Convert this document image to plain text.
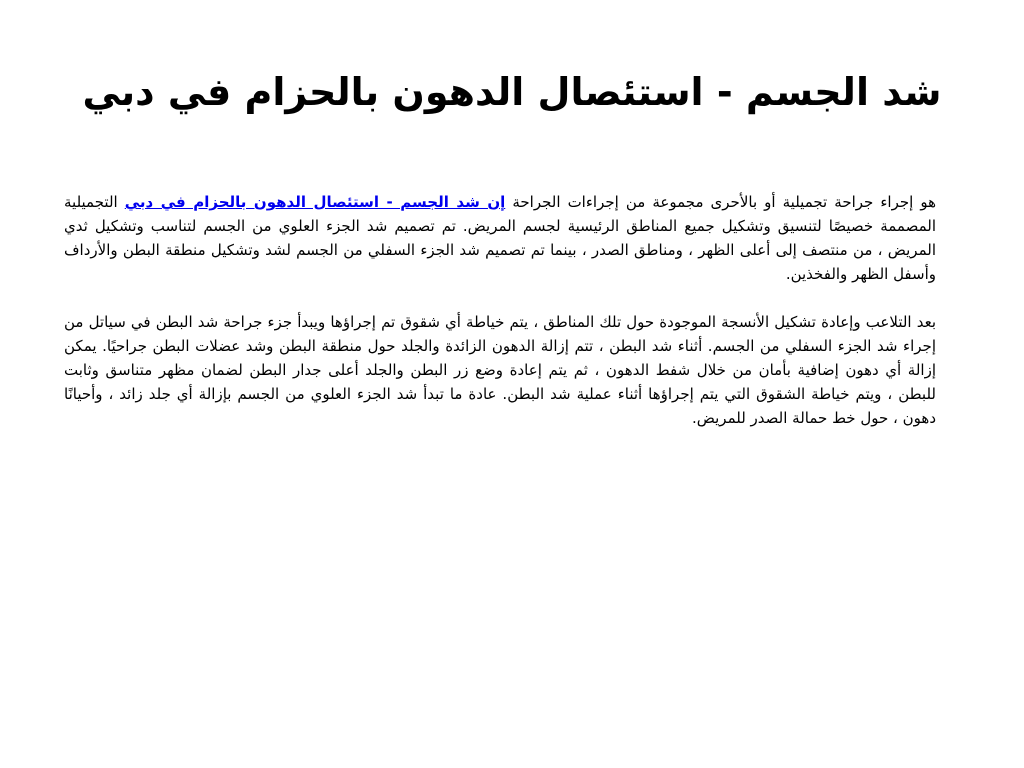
شد الجسم - استئصال الدهون بالحزام في دبي

هو إجراء جراحة تجميلية أو بالأحرى مجموعة من إجراءات الجراحة إن شد الجسم - استئصال الدهون بالحزام في دبي التجميلية المصممة خصيصًا لتنسيق وتشكيل جميع المناطق الرئيسية لجسم المريض. تم تصميم شد الجزء العلوي من الجسم لتناسب وتشكيل ثدي المريض ، من منتصف إلى أعلى الظهر ، ومناطق الصدر ، بينما تم تصميم شد الجزء السفلي من الجسم لشد وتشكيل منطقة البطن والأرداف وأسفل الظهر والفخذين.

بعد التلاعب وإعادة تشكيل الأنسجة الموجودة حول تلك المناطق ، يتم خياطة أي شقوق تم إجراؤها ويبدأ جزء جراحة شد البطن في سياتل من إجراء شد الجزء السفلي من الجسم. أثناء شد البطن ، تتم إزالة الدهون الزائدة والجلد حول منطقة البطن وشد عضلات البطن جراحيًا. يمكن إزالة أي دهون إضافية بأمان من خلال شفط الدهون ، ثم يتم إعادة وضع زر البطن والجلد أعلى جدار البطن لضمان مظهر متناسق وثابت للبطن ، ويتم خياطة الشقوق التي يتم إجراؤها أثناء عملية شد البطن. عادة ما تبدأ شد الجزء العلوي من الجسم بإزالة أي جلد زائد ، وأحيانًا دهون ، حول خط حمالة الصدر للمريض.
